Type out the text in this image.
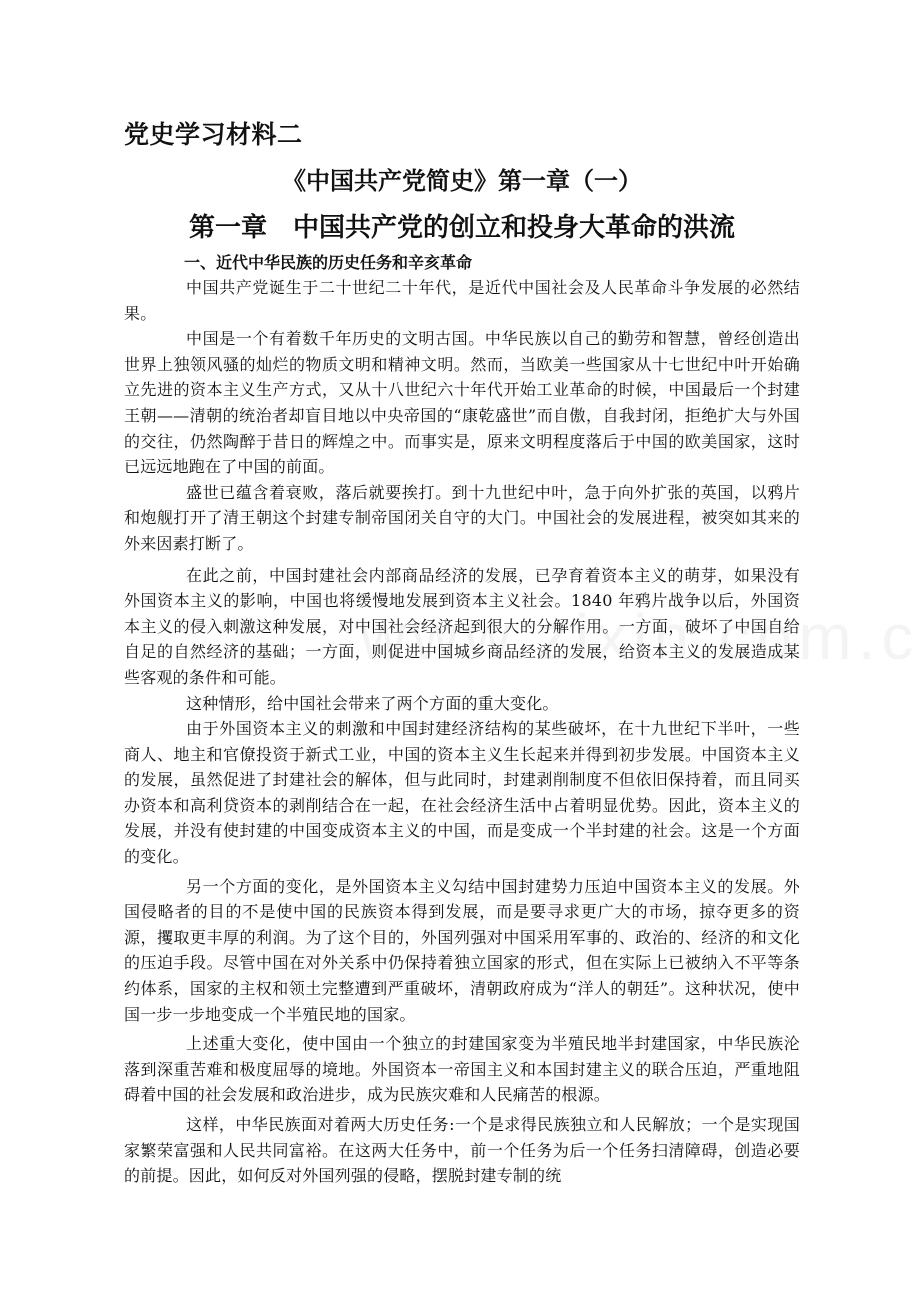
党史学习材料二
《中国共产党简史》第一章（一）
第一章　中国共产党的创立和投身大革命的洪流
一、近代中华民族的历史任务和辛亥革命

中国共产党诞生于二十世纪二十年代，是近代中国社会及人民革命斗争发展的必然结果。

中国是一个有着数千年历史的文明古国。中华民族以自己的勤劳和智慧，曾经创造出世界上独领风骚的灿烂的物质文明和精神文明。然而，当欧美一些国家从十七世纪中叶开始确立先进的资本主义生产方式，又从十八世纪六十年代开始工业革命的时候，中国最后一个封建王朝——清朝的统治者却盲目地以中央帝国的“康乾盛世”而自傲，自我封闭，拒绝扩大与外国的交往，仍然陶醉于昔日的辉煌之中。而事实是，原来文明程度落后于中国的欧美国家，这时已远远地跑在了中国的前面。

盛世已蕴含着衰败，落后就要挨打。到十九世纪中叶，急于向外扩张的英国，以鸦片和炮舰打开了清王朝这个封建专制帝国闭关自守的大门。中国社会的发展进程，被突如其来的外来因素打断了。

在此之前，中国封建社会内部商品经济的发展，已孕育着资本主义的萌芽，如果没有外国资本主义的影响，中国也将缓慢地发展到资本主义社会。1840 年鸦片战争以后，外国资本主义的侵入刺激这种发展，对中国社会经济起到很大的分解作用。一方面，破坏了中国自给自足的自然经济的基础；一方面，则促进中国城乡商品经济的发展，给资本主义的发展造成某些客观的条件和可能。

这种情形，给中国社会带来了两个方面的重大变化。

由于外国资本主义的刺激和中国封建经济结构的某些破坏，在十九世纪下半叶，一些商人、地主和官僚投资于新式工业，中国的资本主义生长起来并得到初步发展。中国资本主义的发展，虽然促进了封建社会的解体，但与此同时，封建剥削制度不但依旧保持着，而且同买办资本和高利贷资本的剥削结合在一起，在社会经济生活中占着明显优势。因此，资本主义的发展，并没有使封建的中国变成资本主义的中国，而是变成一个半封建的社会。这是一个方面的变化。

另一个方面的变化，是外国资本主义勾结中国封建势力压迫中国资本主义的发展。外国侵略者的目的不是使中国的民族资本得到发展，而是要寻求更广大的市场，掠夺更多的资源，攫取更丰厚的利润。为了这个目的，外国列强对中国采用军事的、政治的、经济的和文化的压迫手段。尽管中国在对外关系中仍保持着独立国家的形式，但在实际上已被纳入不平等条约体系，国家的主权和领土完整遭到严重破坏，清朝政府成为“洋人的朝廷”。这种状况，使中国一步一步地变成一个半殖民地的国家。

上述重大变化，使中国由一个独立的封建国家变为半殖民地半封建国家，中华民族沦落到深重苦难和极度屈辱的境地。外国资本一帝国主义和本国封建主义的联合压迫，严重地阻碍着中国的社会发展和政治进步，成为民族灾难和人民痛苦的根源。

这样，中华民族面对着两大历史任务:一个是求得民族独立和人民解放；一个是实现国家繁荣富强和人民共同富裕。在这两大任务中，前一个任务为后一个任务扫清障碍，创造必要的前提。因此，如何反对外国列强的侵略，摆脱封建专制的统
